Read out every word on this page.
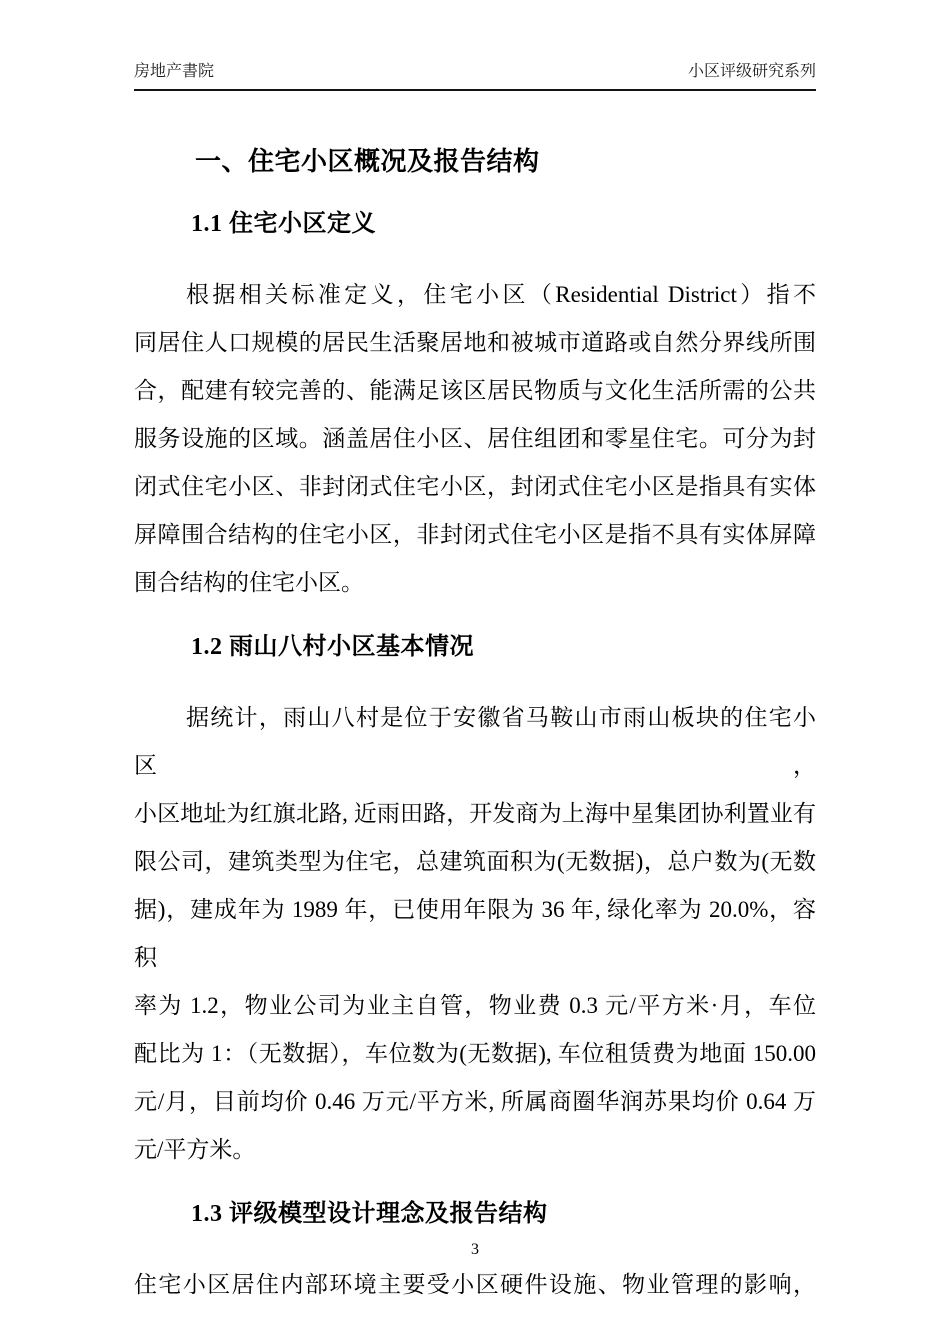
房地产書院	小区评级研究系列
一、住宅小区概况及报告结构
1.1 住宅小区定义
根据相关标准定义，住宅小区（Residential District）指不
同居住人口规模的居民生活聚居地和被城市道路或自然分界线所围
合，配建有较完善的、能满足该区居民物质与文化生活所需的公共
服务设施的区域。涵盖居住小区、居住组团和零星住宅。可分为封
闭式住宅小区、非封闭式住宅小区，封闭式住宅小区是指具有实体
屏障围合结构的住宅小区，非封闭式住宅小区是指不具有实体屏障
围合结构的住宅小区。
1.2 雨山八村小区基本情况
据统计，雨山八村是位于安徽省马鞍山市雨山板块的住宅小区，
小区地址为红旗北路, 近雨田路，开发商为上海中星集团协利置业有
限公司，建筑类型为住宅，总建筑面积为(无数据)，总户数为(无数
据)，建成年为 1989 年，已使用年限为 36 年, 绿化率为 20.0%，容积
率为 1.2，物业公司为业主自管，物业费 0.3 元/平方米·月，车位
配比为 1：（无数据），车位数为(无数据), 车位租赁费为地面 150.00
元/月，目前均价 0.46 万元/平方米, 所属商圈华润苏果均价 0.64 万
元/平方米。
1.3 评级模型设计理念及报告结构
住宅小区居住内部环境主要受小区硬件设施、物业管理的影响，
3
